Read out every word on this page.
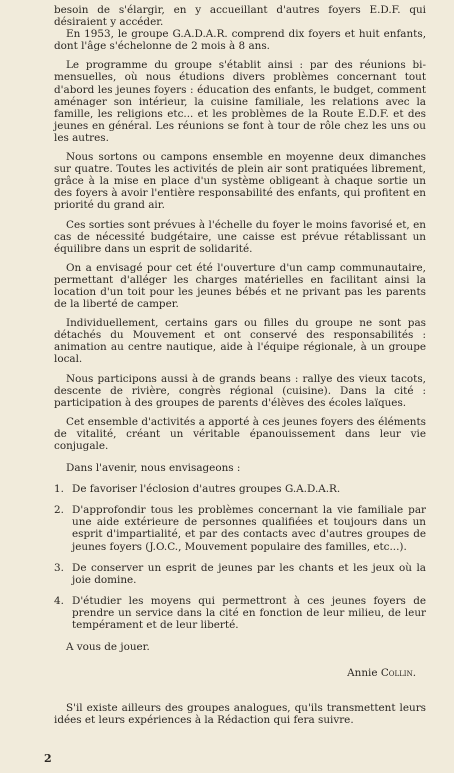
besoin de s'élargir, en y accueillant d'autres foyers E.D.F. qui désiraient y accéder.

En 1953, le groupe G.A.D.A.R. comprend dix foyers et huit enfants, dont l'âge s'échelonne de 2 mois à 8 ans.

Le programme du groupe s'établit ainsi : par des réunions bi-mensuelles, où nous étudions divers problèmes concernant tout d'abord les jeunes foyers : éducation des enfants, le budget, comment aménager son intérieur, la cuisine familiale, les relations avec la famille, les religions etc... et les problèmes de la Route E.D.F. et des jeunes en général. Les réunions se font à tour de rôle chez les uns ou les autres.

Nous sortons ou campons ensemble en moyenne deux dimanches sur quatre. Toutes les activités de plein air sont pratiquées librement, grâce à la mise en place d'un système obligeant à chaque sortie un des foyers à avoir l'entière responsabilité des enfants, qui profitent en priorité du grand air.

Ces sorties sont prévues à l'échelle du foyer le moins favorisé et, en cas de nécessité budgétaire, une caisse est prévue rétablissant un équilibre dans un esprit de solidarité.

On a envisagé pour cet été l'ouverture d'un camp communautaire, permettant d'alléger les charges matérielles en facilitant ainsi la location d'un toit pour les jeunes bébés et ne privant pas les parents de la liberté de camper.

Individuellement, certains gars ou filles du groupe ne sont pas détachés du Mouvement et ont conservé des responsabilités : animation au centre nautique, aide à l'équipe régionale, à un groupe local.

Nous participons aussi à de grands beans : rallye des vieux tacots, descente de rivière, congrès régional (cuisine). Dans la cité : participation à des groupes de parents d'élèves des écoles laïques.

Cet ensemble d'activités a apporté à ces jeunes foyers des éléments de vitalité, créant un véritable épanouissement dans leur vie conjugale.

Dans l'avenir, nous envisageons :

1. De favoriser l'éclosion d'autres groupes G.A.D.A.R.
2. D'approfondir tous les problèmes concernant la vie familiale par une aide extérieure de personnes qualifiées et toujours dans un esprit d'impartialité, et par des contacts avec d'autres groupes de jeunes foyers (J.O.C., Mouvement populaire des familles, etc...).
3. De conserver un esprit de jeunes par les chants et les jeux où la joie domine.
4. D'étudier les moyens qui permettront à ces jeunes foyers de prendre un service dans la cité en fonction de leur milieu, de leur tempérament et de leur liberté.

A vous de jouer.

Annie Collin.

S'il existe ailleurs des groupes analogues, qu'ils transmettent leurs idées et leurs expériences à la Rédaction qui fera suivre.

2
